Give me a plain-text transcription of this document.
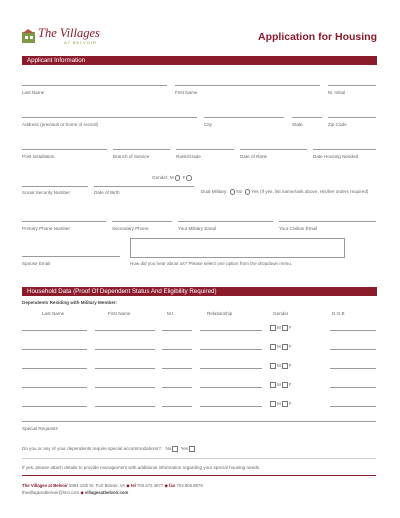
The Villages
AT BELVOIR	Application for Housing
Applicant Information
Last Name	First Name	M. Initial
Address (previous or home of record)	City	State	Zip Code
Post Installation	Branch of Service	Rank/Grade	Date of Rank	Date Housing Needed
Gender: M F
Social Security Number	Date of Birth	Dual Military: No Yes (If yes, list name/rank above. His/her orders required)
Primary Phone Number	Secondary Phone	Your Military Email	Your Civilian Email
Spouse Email	How did you hear about us? Please select one option from the dropdown menu.
Household Data (Proof Of Dependent Status And Eligibility Required)
Dependents Residing with Military Member:
Last Name	First Name	M.I.	Relationship	Gender	D.O.B
M F
M F
M F
M F
M F
Special Requests
Do you or any of your dependents require special accommodations?: No Yes
If yes, please attach details to provide management with additional information regarding your special housing needs.
The Villages at Belvoir 5994 12th St. Fort Belvoir, VA ◆ tel 703.672.3877 ◆ fax 703.805.9878
thevillagesatbelvoir@lmo.com ◆ villagesatbelvoir.com
